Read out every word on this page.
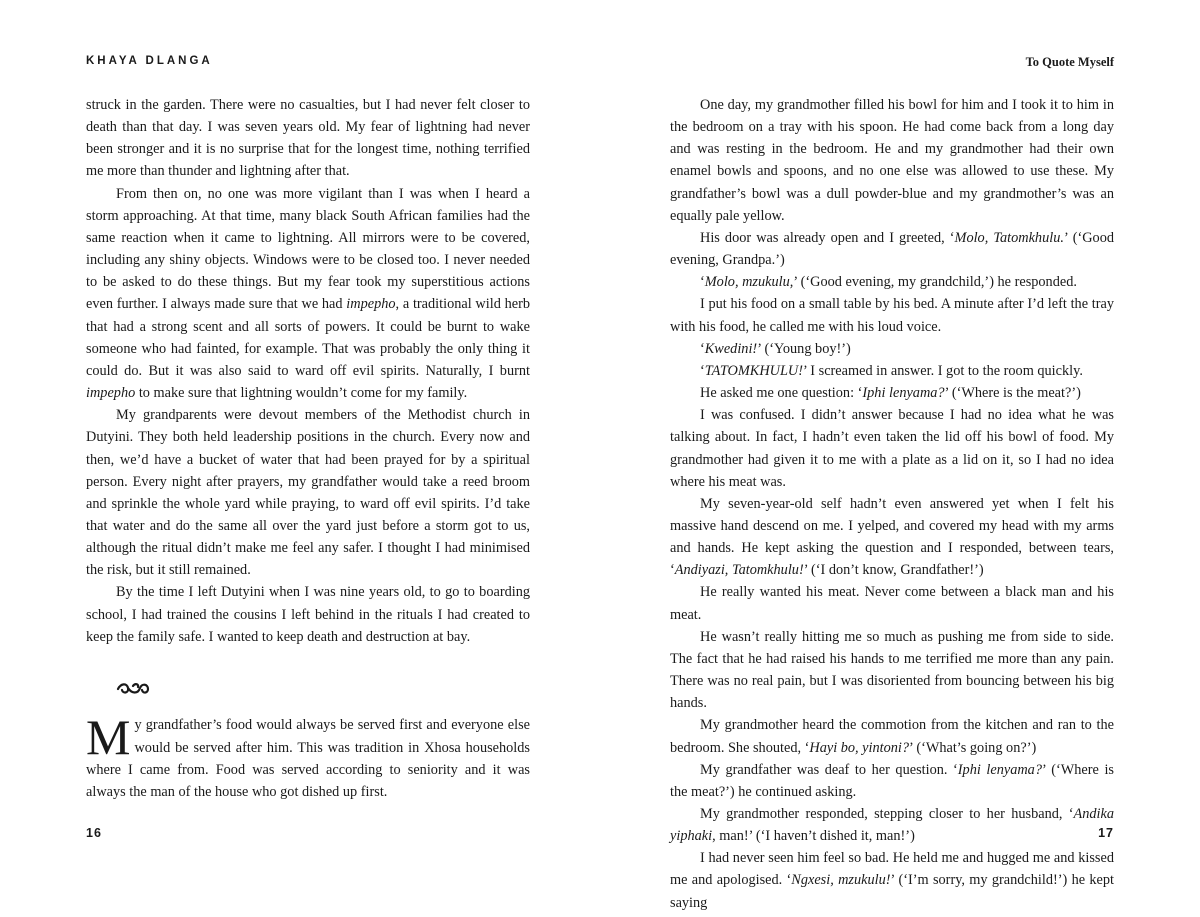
KHAYA DLANGA

struck in the garden. There were no casualties, but I had never felt closer to death than that day. I was seven years old. My fear of lightning had never been stronger and it is no surprise that for the longest time, nothing terrified me more than thunder and lightning after that.

From then on, no one was more vigilant than I was when I heard a storm approaching. At that time, many black South African families had the same reaction when it came to lightning. All mirrors were to be covered, including any shiny objects. Windows were to be closed too. I never needed to be asked to do these things. But my fear took my superstitious actions even further. I always made sure that we had impepho, a traditional wild herb that had a strong scent and all sorts of powers. It could be burnt to wake someone who had fainted, for example. That was probably the only thing it could do. But it was also said to ward off evil spirits. Naturally, I burnt impepho to make sure that lightning wouldn’t come for my family.

My grandparents were devout members of the Methodist church in Dutyini. They both held leadership positions in the church. Every now and then, we’d have a bucket of water that had been prayed for by a spiritual person. Every night after prayers, my grandfather would take a reed broom and sprinkle the whole yard while praying, to ward off evil spirits. I’d take that water and do the same all over the yard just before a storm got to us, although the ritual didn’t make me feel any safer. I thought I had minimised the risk, but it still remained.

By the time I left Dutyini when I was nine years old, to go to boarding school, I had trained the cousins I left behind in the rituals I had created to keep the family safe. I wanted to keep death and destruction at bay.

My grandfather’s food would always be served first and everyone else would be served after him. This was tradition in Xhosa households where I came from. Food was served according to seniority and it was always the man of the house who got dished up first.

16
To Quote Myself

One day, my grandmother filled his bowl for him and I took it to him in the bedroom on a tray with his spoon. He had come back from a long day and was resting in the bedroom. He and my grandmother had their own enamel bowls and spoons, and no one else was allowed to use these. My grandfather’s bowl was a dull powder-blue and my grandmother’s was an equally pale yellow.

His door was already open and I greeted, ‘Molo, Tatomkhulu.’ (‘Good evening, Grandpa.’)

‘Molo, mzukulu,’ (‘Good evening, my grandchild,’) he responded.

I put his food on a small table by his bed. A minute after I’d left the tray with his food, he called me with his loud voice.

‘Kwedini!’ (‘Young boy!’)

‘TATOMKHULU!’ I screamed in answer. I got to the room quickly.

He asked me one question: ‘Iphi lenyama?’ (‘Where is the meat?’)

I was confused. I didn’t answer because I had no idea what he was talking about. In fact, I hadn’t even taken the lid off his bowl of food. My grandmother had given it to me with a plate as a lid on it, so I had no idea where his meat was.

My seven-year-old self hadn’t even answered yet when I felt his massive hand descend on me. I yelped, and covered my head with my arms and hands. He kept asking the question and I responded, between tears, ‘Andiyazi, Tatomkhulu!’ (‘I don’t know, Grandfather!’)

He really wanted his meat. Never come between a black man and his meat.

He wasn’t really hitting me so much as pushing me from side to side. The fact that he had raised his hands to me terrified me more than any pain. There was no real pain, but I was disoriented from bouncing between his big hands.

My grandmother heard the commotion from the kitchen and ran to the bedroom. She shouted, ‘Hayi bo, yintoni?’ (‘What’s going on?’)

My grandfather was deaf to her question. ‘Iphi lenyama?’ (‘Where is the meat?’) he continued asking.

My grandmother responded, stepping closer to her husband, ‘Andika yiphaki, man!’ (‘I haven’t dished it, man!’)

I had never seen him feel so bad. He held me and hugged me and kissed me and apologised. ‘Ngxesi, mzukulu!’ (‘I’m sorry, my grandchild!’) he kept saying

17
